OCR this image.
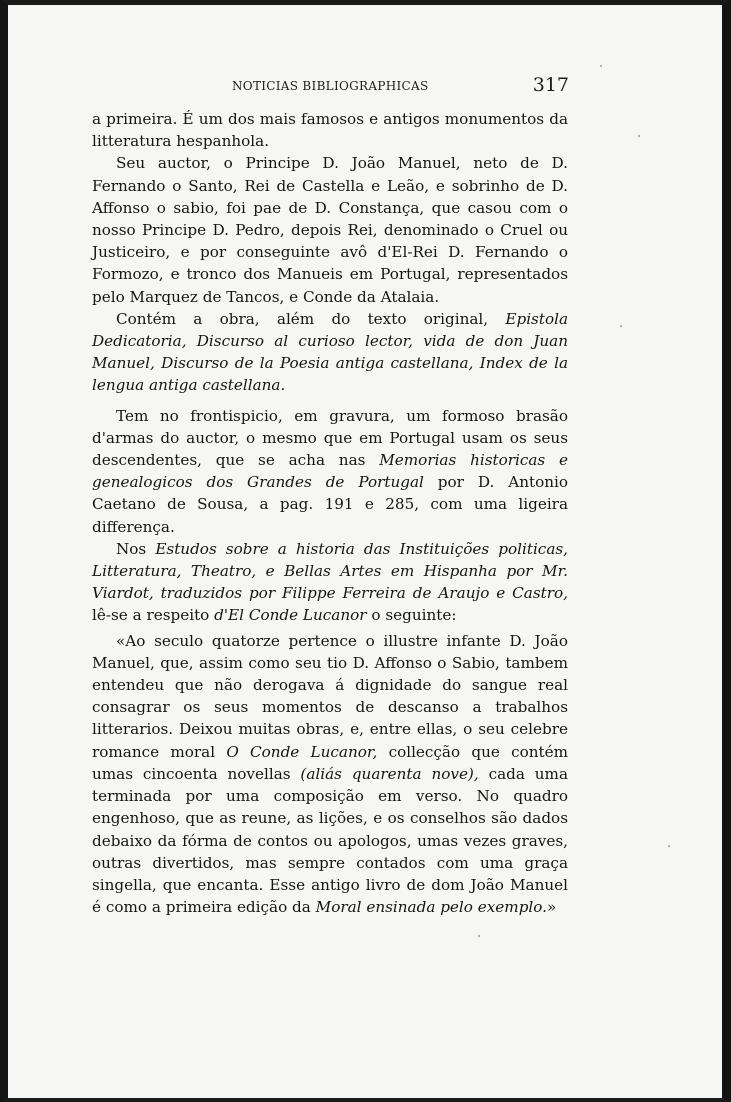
NOTICIAS BIBLIOGRAPHICAS	317

a primeira. É um dos mais famosos e antigos monumentos da litteratura hespanhola.

Seu auctor, o Principe D. João Manuel, neto de D. Fernando o Santo, Rei de Castella e Leão, e sobrinho de D. Affonso o sabio, foi pae de D. Constança, que casou com o nosso Principe D. Pedro, depois Rei, denominado o Cruel ou Justiceiro, e por conseguinte avô d'El-Rei D. Fernando o Formozo, e tronco dos Manueis em Portugal, representados pelo Marquez de Tancos, e Conde da Atalaia.

Contém a obra, além do texto original, Epistola Dedicatoria, Discurso al curioso lector, vida de don Juan Manuel, Discurso de la Poesia antiga castellana, Index de la lengua antiga castellana.

Tem no frontispicio, em gravura, um formoso brasão d'armas do auctor, o mesmo que em Portugal usam os seus descendentes, que se acha nas Memorias historicas e genealogicos dos Grandes de Portugal por D. Antonio Caetano de Sousa, a pag. 191 e 285, com uma ligeira differença.

Nos Estudos sobre a historia das Instituições politicas, Litteratura, Theatro, e Bellas Artes em Hispanha por Mr. Viardot, traduzidos por Filippe Ferreira de Araujo e Castro, lê-se a respeito d'El Conde Lucanor o seguinte:

«Ao seculo quatorze pertence o illustre infante D. João Manuel, que, assim como seu tio D. Affonso o Sabio, tambem entendeu que não derogava á dignidade do sangue real consagrar os seus momentos de descanso a trabalhos litterarios. Deixou muitas obras, e, entre ellas, o seu celebre romance moral O Conde Lucanor, collecção que contém umas cincoenta novellas (aliás quarenta nove), cada uma terminada por uma composição em verso. No quadro engenhoso, que as reune, as lições, e os conselhos são dados debaixo da fórma de contos ou apologos, umas vezes graves, outras divertidos, mas sempre contados com uma graça singella, que encanta. Esse antigo livro de dom João Manuel é como a primeira edição da Moral ensinada pelo exemplo.»
